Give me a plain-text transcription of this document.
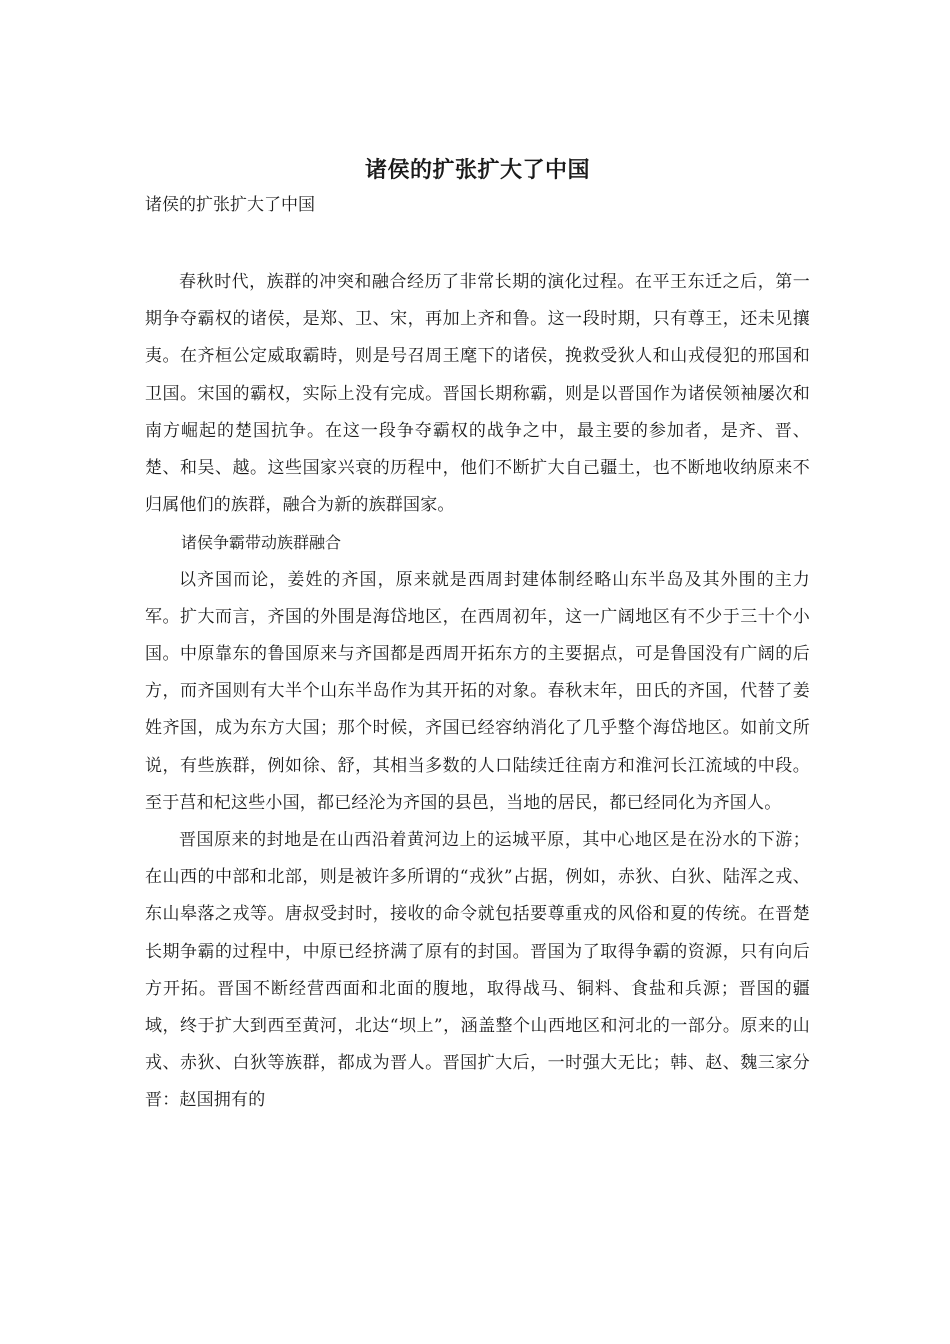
诸侯的扩张扩大了中国

诸侯的扩张扩大了中国

春秋时代，族群的冲突和融合经历了非常长期的演化过程。在平王东迁之后，第一期争夺霸权的诸侯，是郑、卫、宋，再加上齐和鲁。这一段时期，只有尊王，还未见攘夷。在齐桓公定威取霸時，则是号召周王麾下的诸侯，挽救受狄人和山戎侵犯的邢国和卫国。宋国的霸权，实际上没有完成。晋国长期称霸，则是以晋国作为诸侯领袖屡次和南方崛起的楚国抗争。在这一段争夺霸权的战争之中，最主要的参加者，是齐、晋、楚、和吴、越。这些国家兴衰的历程中，他们不断扩大自己疆土，也不断地收纳原来不归属他们的族群，融合为新的族群国家。

诸侯争霸带动族群融合

以齐国而论，姜姓的齐国，原来就是西周封建体制经略山东半岛及其外围的主力军。扩大而言，齐国的外围是海岱地区，在西周初年，这一广阔地区有不少于三十个小国。中原靠东的鲁国原来与齐国都是西周开拓东方的主要据点，可是鲁国没有广阔的后方，而齐国则有大半个山东半岛作为其开拓的对象。春秋末年，田氏的齐国，代替了姜姓齐国，成为东方大国；那个时候，齐国已经容纳消化了几乎整个海岱地区。如前文所说，有些族群，例如徐、舒，其相当多数的人口陆续迁往南方和淮河长江流域的中段。至于莒和杞这些小国，都已经沦为齐国的县邑，当地的居民，都已经同化为齐国人。

晋国原来的封地是在山西沿着黄河边上的运城平原，其中心地区是在汾水的下游；在山西的中部和北部，则是被许多所谓的“戎狄”占据，例如，赤狄、白狄、陆浑之戎、东山皋落之戎等。唐叔受封时，接收的命令就包括要尊重戎的风俗和夏的传统。在晋楚长期争霸的过程中，中原已经挤满了原有的封国。晋国为了取得争霸的资源，只有向后方开拓。晋国不断经营西面和北面的腹地，取得战马、铜料、食盐和兵源；晋国的疆域，终于扩大到西至黄河，北达“坝上”，涵盖整个山西地区和河北的一部分。原来的山戎、赤狄、白狄等族群，都成为晋人。晋国扩大后，一时强大无比；韩、赵、魏三家分晋：赵国拥有的
